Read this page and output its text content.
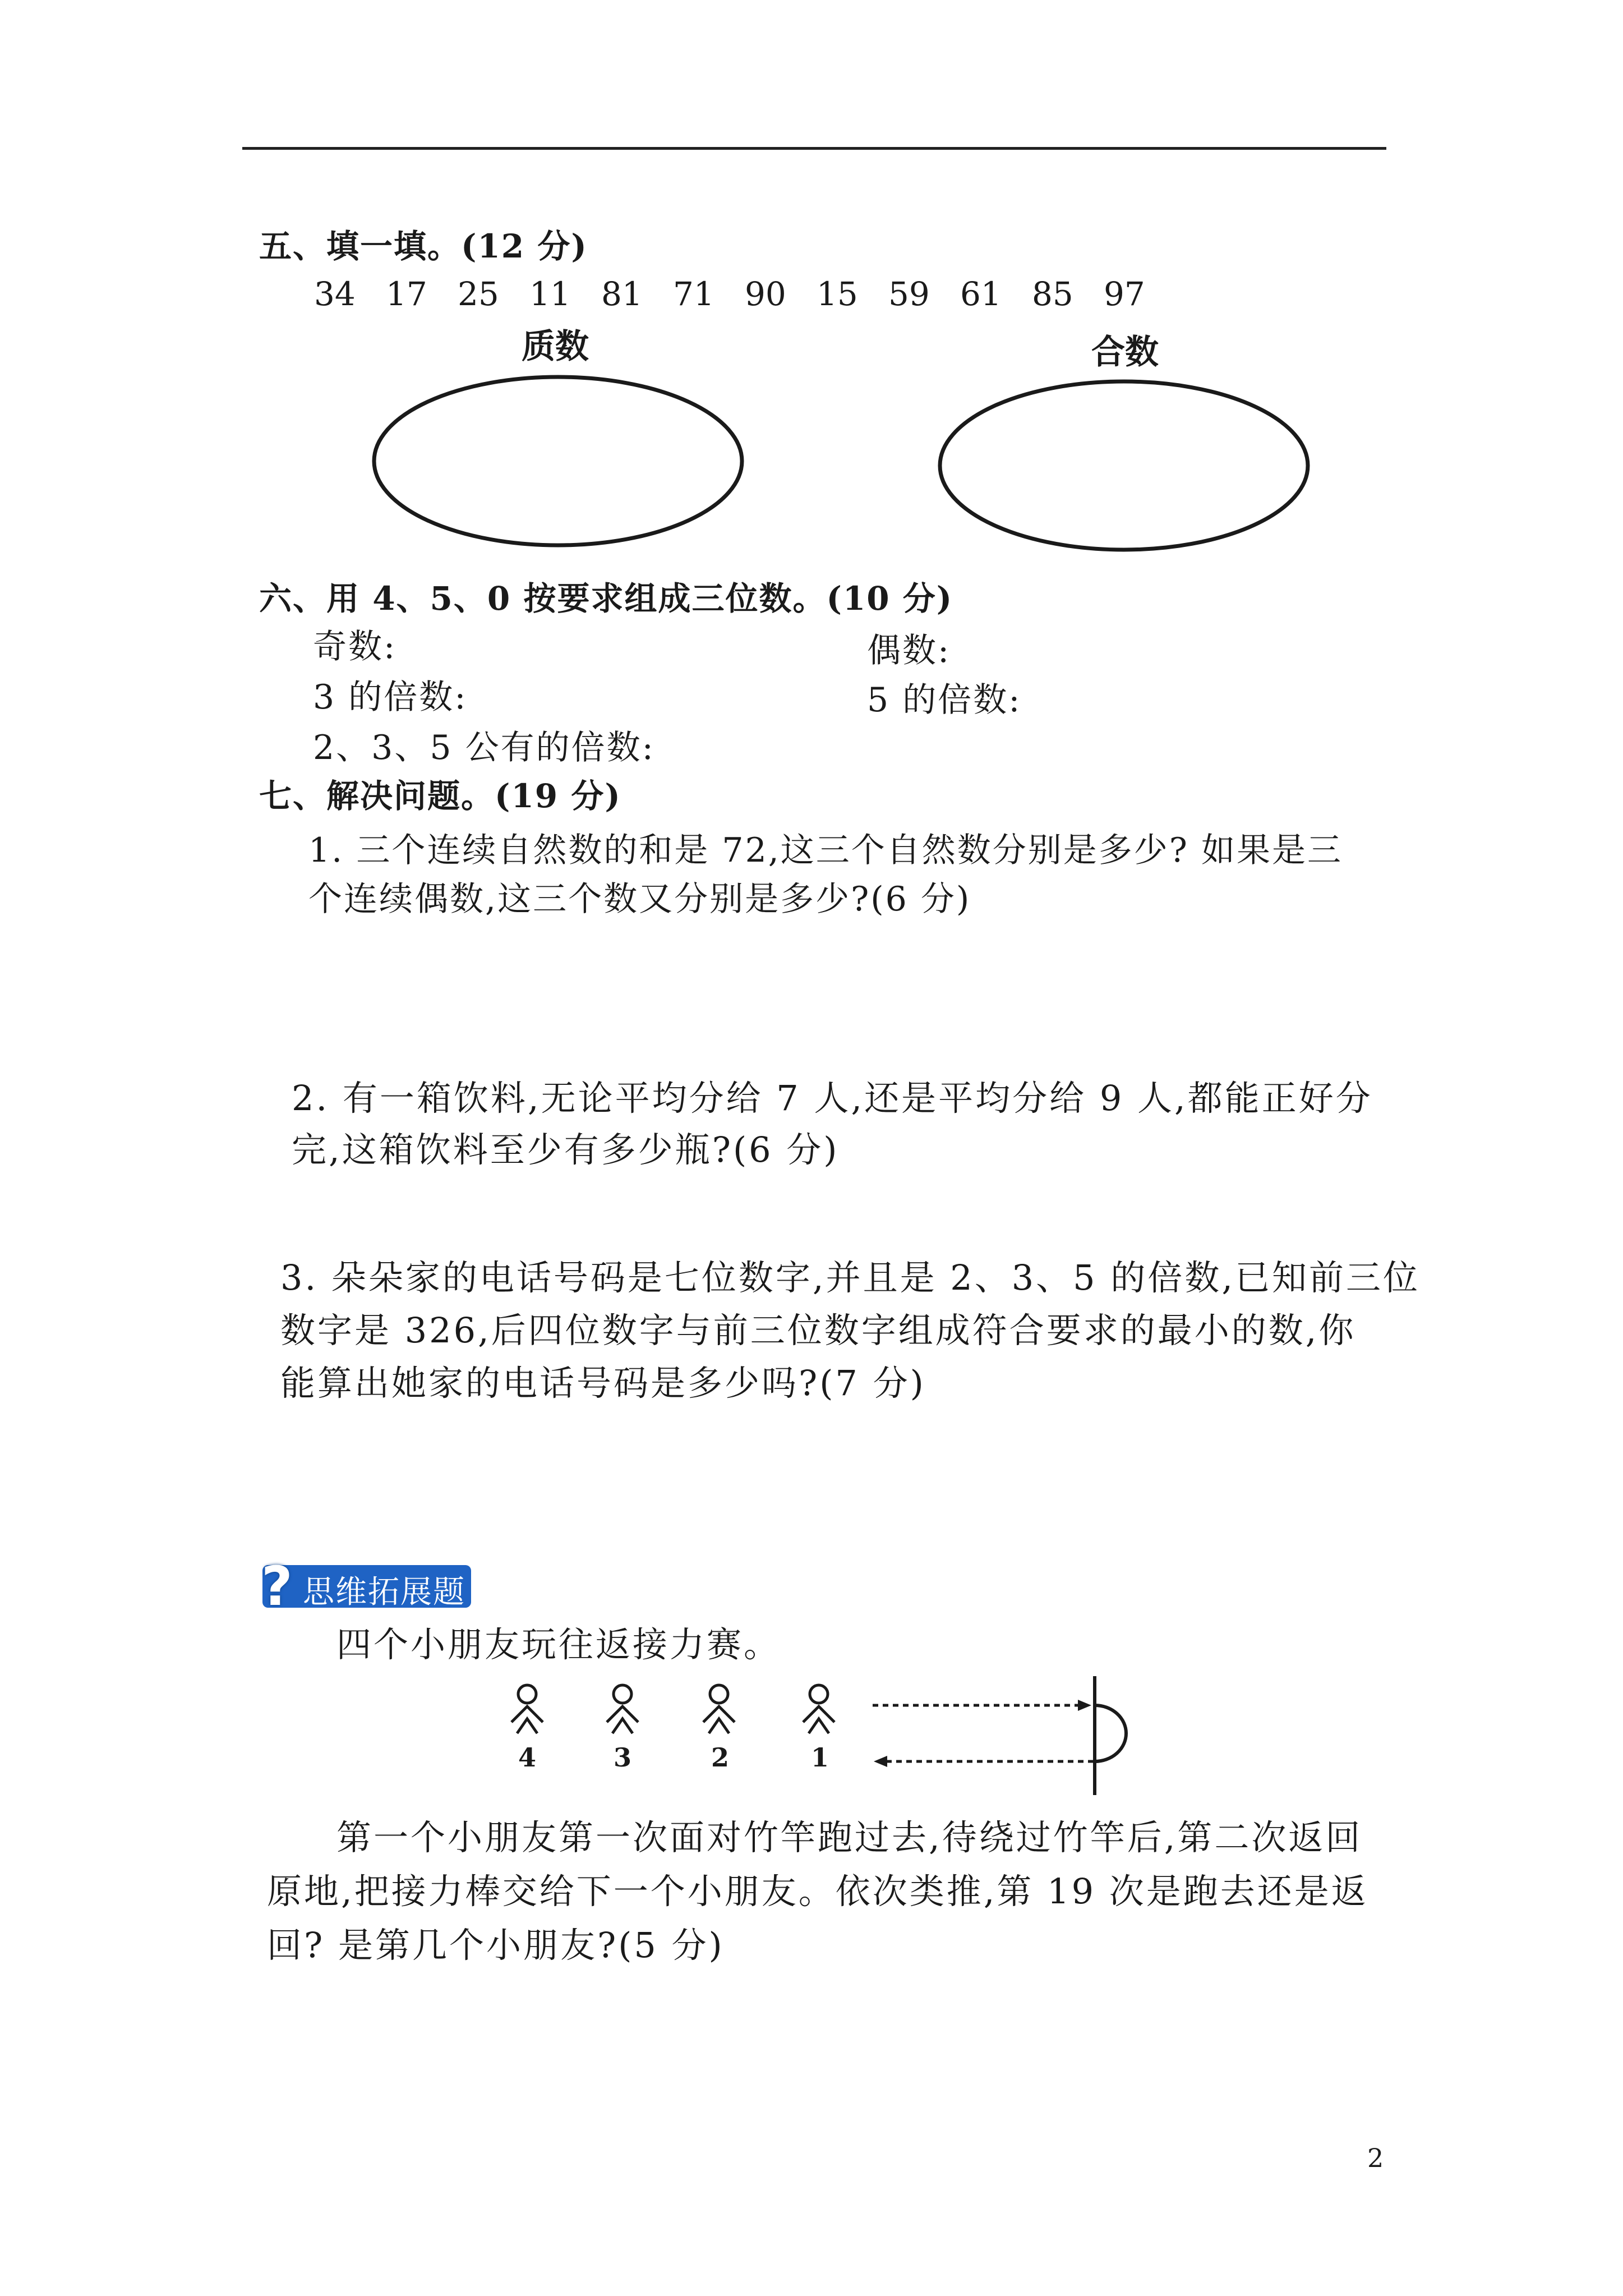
五、填一填。(12 分)
34 17 25 11 81 71 90 15 59 61 85 97
质数	合数
六、用 4、5、0 按要求组成三位数。(10 分)
奇数:	偶数:
3 的倍数:	5 的倍数:
2、3、5 公有的倍数:
七、解决问题。(19 分)
1. 三个连续自然数的和是 72,这三个自然数分别是多少? 如果是三
个连续偶数,这三个数又分别是多少?(6 分)
2. 有一箱饮料,无论平均分给 7 人,还是平均分给 9 人,都能正好分
完,这箱饮料至少有多少瓶?(6 分)
3. 朵朵家的电话号码是七位数字,并且是 2、3、5 的倍数,已知前三位
数字是 326,后四位数字与前三位数字组成符合要求的最小的数,你
能算出她家的电话号码是多少吗?(7 分)
? 思维拓展题
四个小朋友玩往返接力赛。
4	3	2	1
第一个小朋友第一次面对竹竿跑过去,待绕过竹竿后,第二次返回
原地,把接力棒交给下一个小朋友。依次类推,第 19 次是跑去还是返
回? 是第几个小朋友?(5 分)
2
